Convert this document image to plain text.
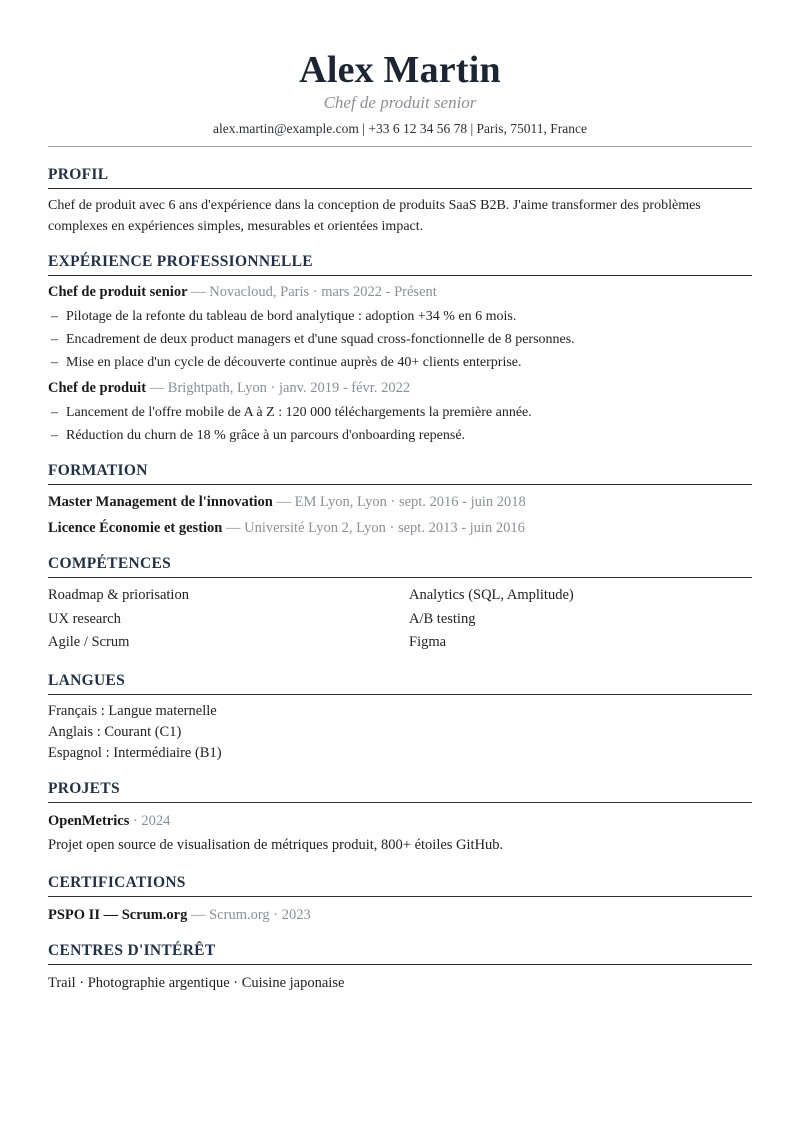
Alex Martin
Chef de produit senior
alex.martin@example.com | +33 6 12 34 56 78 | Paris, 75011, France
PROFIL
Chef de produit avec 6 ans d'expérience dans la conception de produits SaaS B2B. J'aime transformer des problèmes complexes en expériences simples, mesurables et orientées impact.
EXPÉRIENCE PROFESSIONNELLE
Chef de produit senior — Novacloud, Paris · mars 2022 - Présent
– Pilotage de la refonte du tableau de bord analytique : adoption +34 % en 6 mois.
– Encadrement de deux product managers et d'une squad cross-fonctionnelle de 8 personnes.
– Mise en place d'un cycle de découverte continue auprès de 40+ clients enterprise.
Chef de produit — Brightpath, Lyon · janv. 2019 - févr. 2022
– Lancement de l'offre mobile de A à Z : 120 000 téléchargements la première année.
– Réduction du churn de 18 % grâce à un parcours d'onboarding repensé.
FORMATION
Master Management de l'innovation — EM Lyon, Lyon · sept. 2016 - juin 2018
Licence Économie et gestion — Université Lyon 2, Lyon · sept. 2013 - juin 2016
COMPÉTENCES
Roadmap & priorisation	Analytics (SQL, Amplitude)
UX research	A/B testing
Agile / Scrum	Figma
LANGUES
Français : Langue maternelle
Anglais : Courant (C1)
Espagnol : Intermédiaire (B1)
PROJETS
OpenMetrics · 2024
Projet open source de visualisation de métriques produit, 800+ étoiles GitHub.
CERTIFICATIONS
PSPO II — Scrum.org — Scrum.org · 2023
CENTRES D'INTÉRÊT
Trail · Photographie argentique · Cuisine japonaise
